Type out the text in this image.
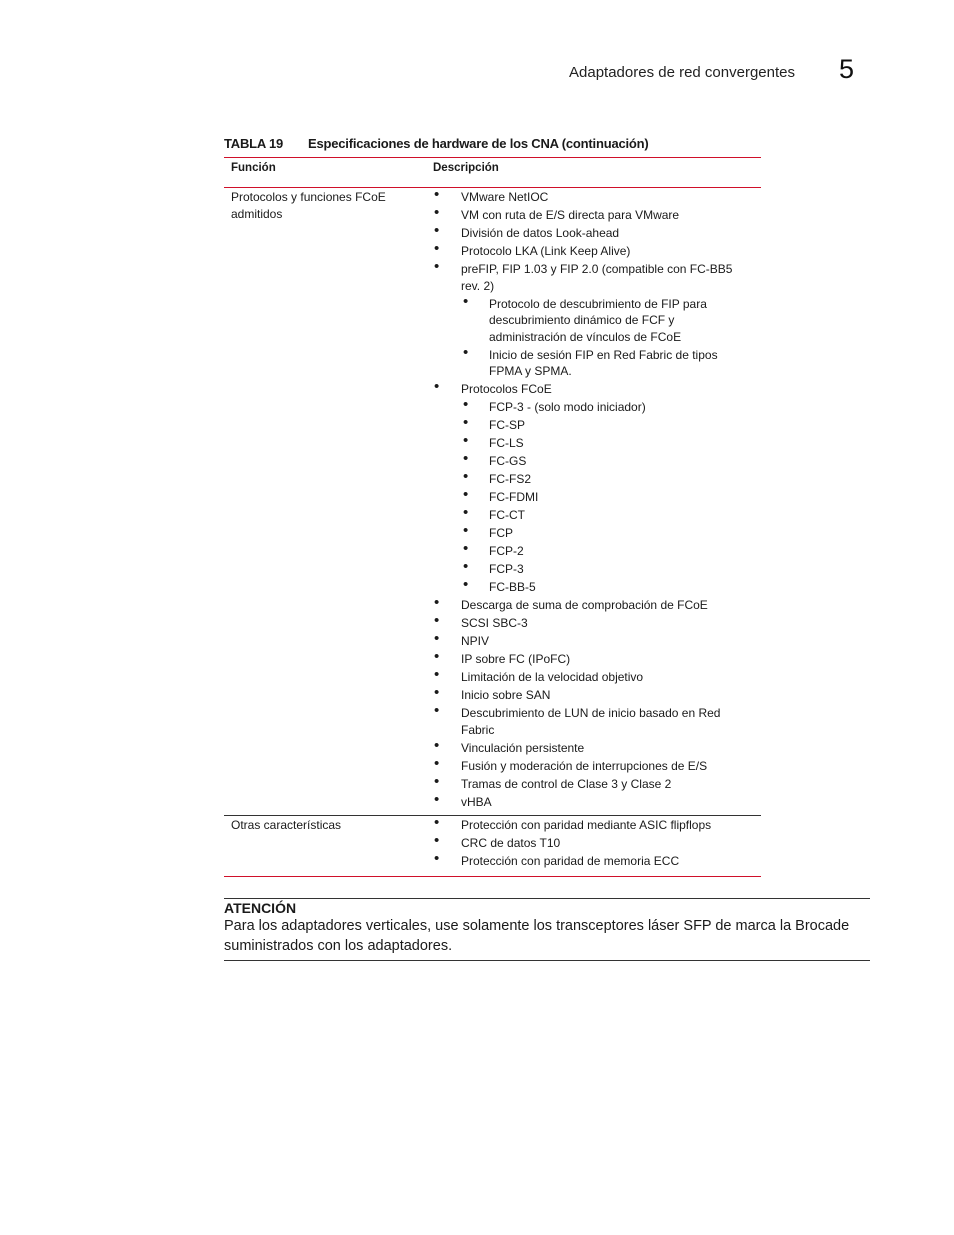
Adaptadores de red convergentes 5
TABLA 19 Especificaciones de hardware de los CNA (continuación)
Función	Descripción
Protocolos y funciones FCoE admitidos
• VMware NetIOC
• VM con ruta de E/S directa para VMware
• División de datos Look-ahead
• Protocolo LKA (Link Keep Alive)
• preFIP, FIP 1.03 y FIP 2.0 (compatible con FC-BB5 rev. 2)
• Protocolo de descubrimiento de FIP para descubrimiento dinámico de FCF y administración de vínculos de FCoE
• Inicio de sesión FIP en Red Fabric de tipos FPMA y SPMA.
• Protocolos FCoE
• FCP-3 - (solo modo iniciador)
• FC-SP
• FC-LS
• FC-GS
• FC-FS2
• FC-FDMI
• FC-CT
• FCP
• FCP-2
• FCP-3
• FC-BB-5
• Descarga de suma de comprobación de FCoE
• SCSI SBC-3
• NPIV
• IP sobre FC (IPoFC)
• Limitación de la velocidad objetivo
• Inicio sobre SAN
• Descubrimiento de LUN de inicio basado en Red Fabric
• Vinculación persistente
• Fusión y moderación de interrupciones de E/S
• Tramas de control de Clase 3 y Clase 2
• vHBA
Otras características
•	Protección con paridad mediante ASIC flipflops
• CRC de datos T10
• Protección con paridad de memoria ECC
ATENCIÓN
Para los adaptadores verticales, use solamente los transceptores láser SFP de marca la Brocade suministrados con los adaptadores.
